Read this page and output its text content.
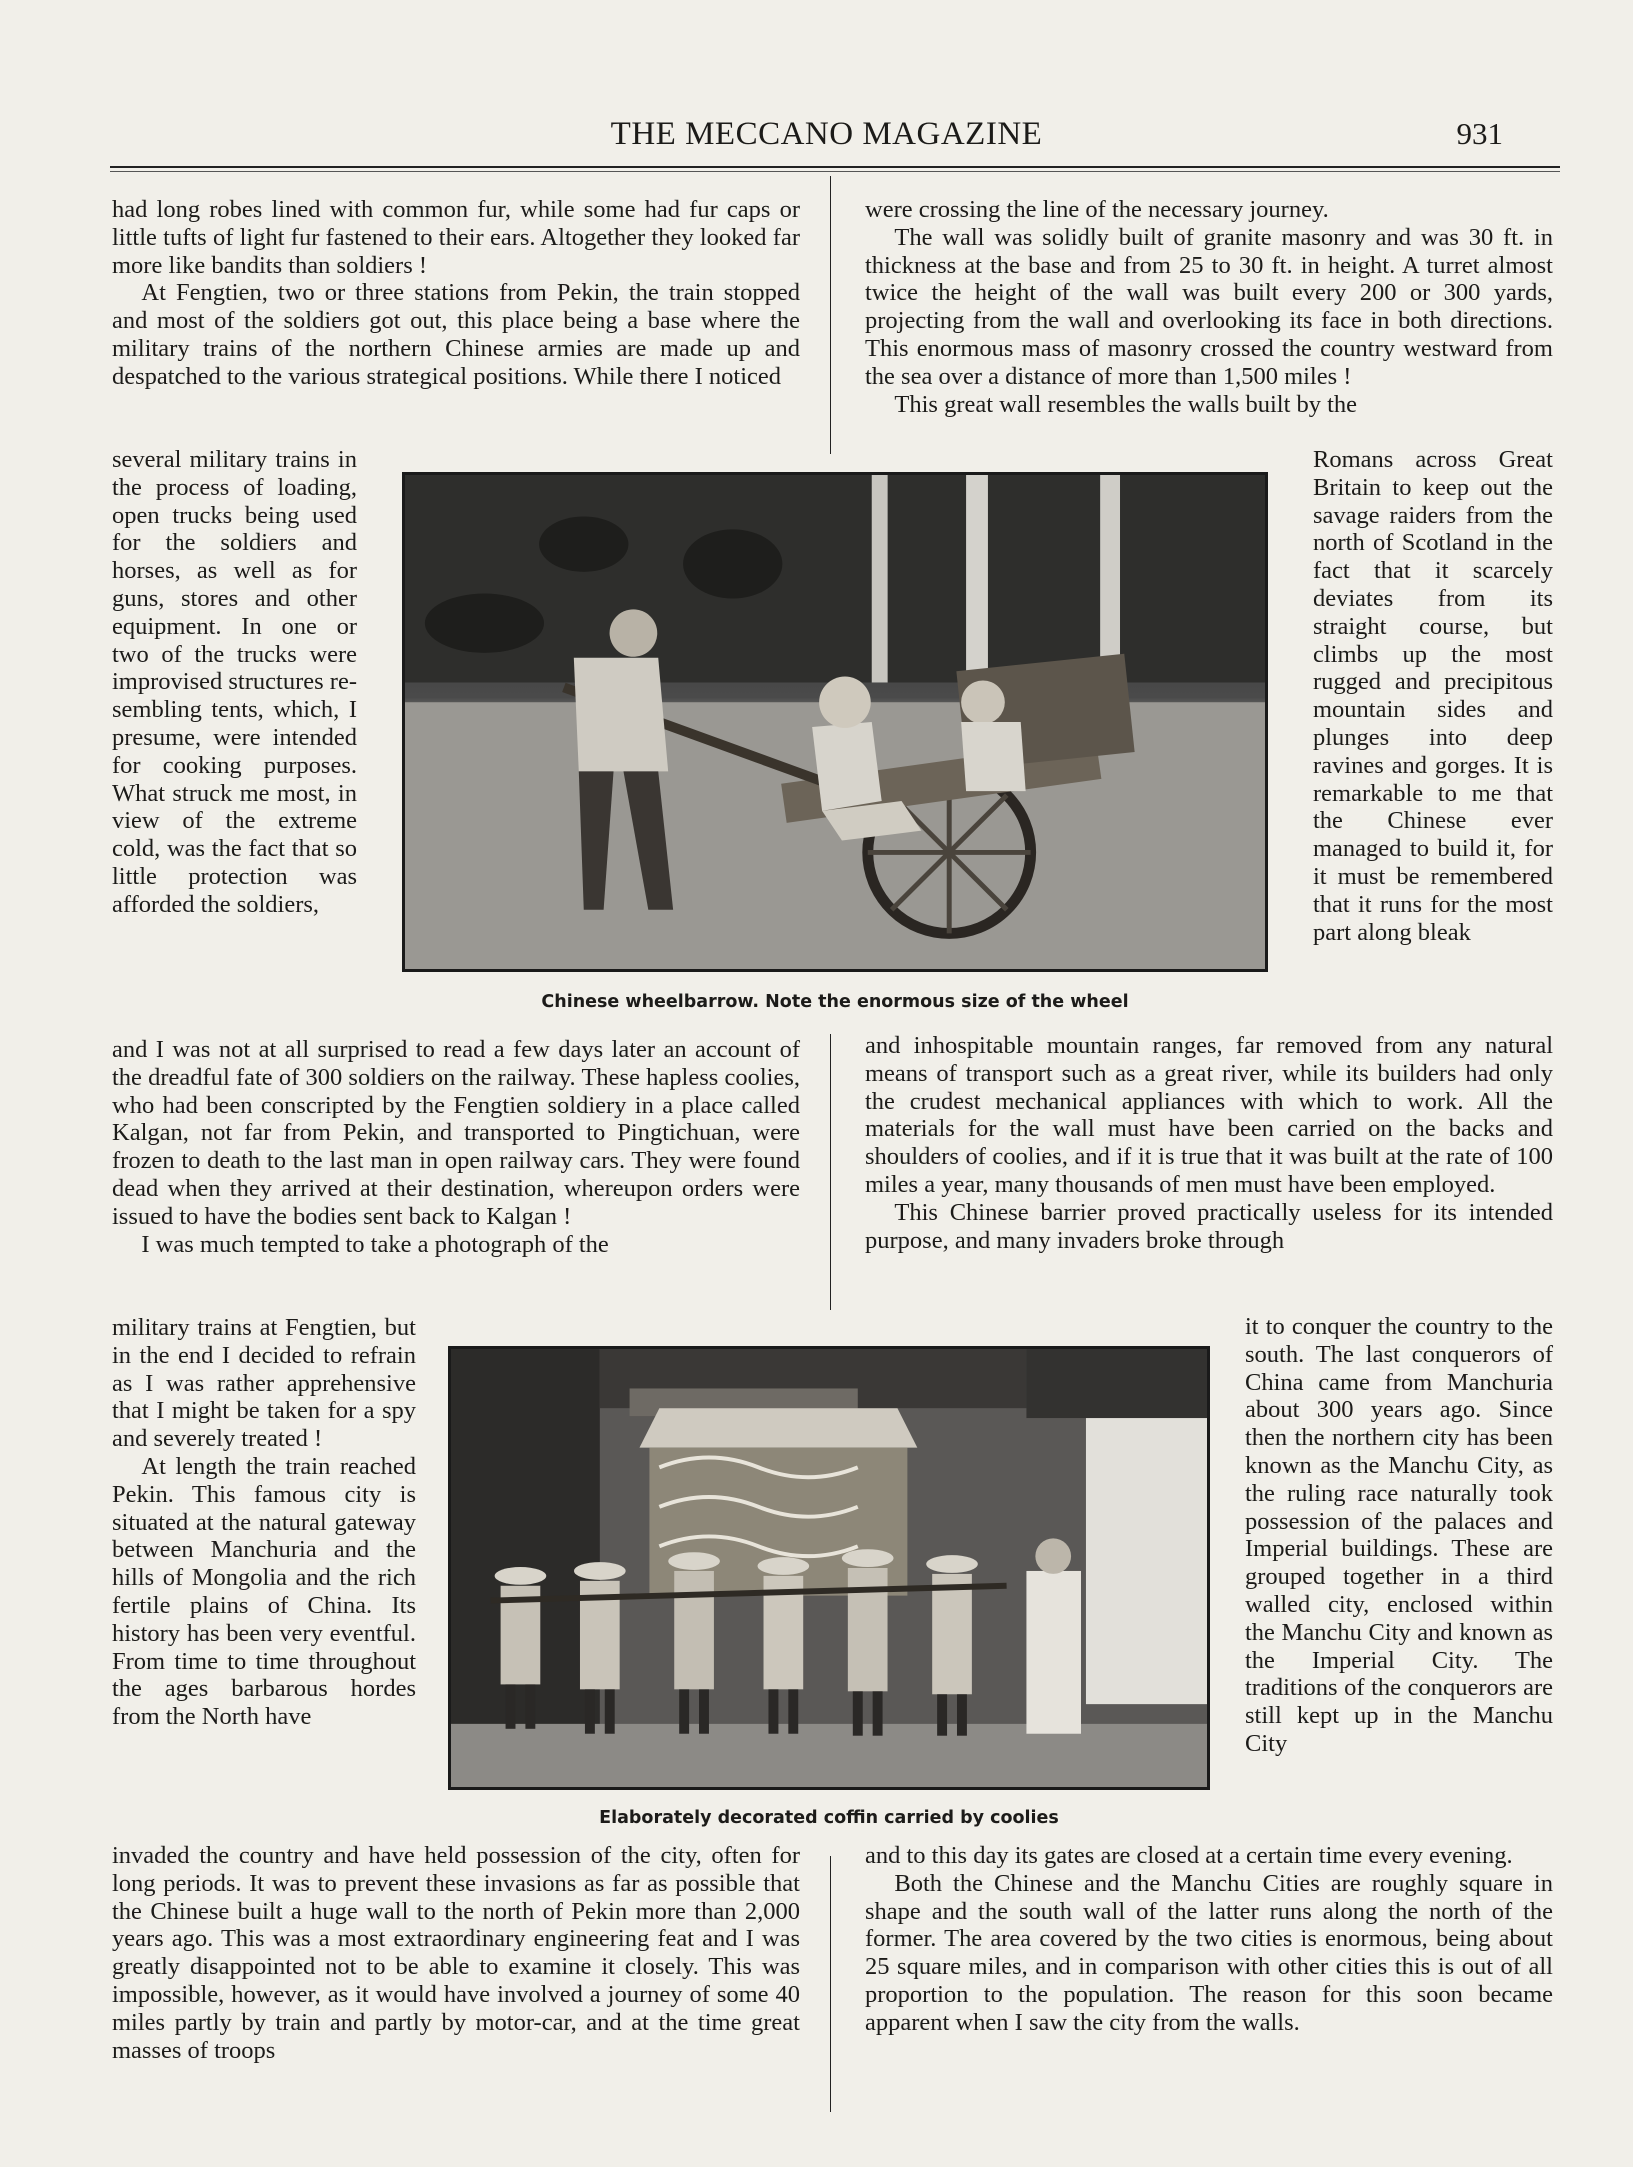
THE MECCANO MAGAZINE	931

had long robes lined with common fur, while some had fur caps or little tufts of light fur fastened to their ears. Altogether they looked far more like bandits than soldiers !

At Fengtien, two or three stations from Pekin, the train stopped and most of the soldiers got out, this place being a base where the military trains of the northern Chinese armies are made up and despatched to the various strategical positions. While there I noticed

several military trains in the process of loading, open trucks being used for the soldiers and horses, as well as for guns, stores and other equipment. In one or two of the trucks were improvised structures resembling tents, which, I presume, were intended for cooking purposes. What struck me most, in view of the extreme cold, was the fact that so little protection was afforded the soldiers,

and I was not at all surprised to read a few days later an account of the dreadful fate of 300 soldiers on the railway. These hapless coolies, who had been conscripted by the Fengtien soldiery in a place called Kalgan, not far from Pekin, and transported to Pingtichuan, were frozen to death to the last man in open railway cars. They were found dead when they arrived at their destination, whereupon orders were issued to have the bodies sent back to Kalgan !

I was much tempted to take a photograph of the

military trains at Fengtien, but in the end I decided to refrain as I was rather apprehensive that I might be taken for a spy and severely treated !

At length the train reached Pekin. This famous city is situated at the natural gateway between Manchuria and the hills of Mongolia and the rich fertile plains of China. Its history has been very eventful. From time to time throughout the ages barbarous hordes from the North have

invaded the country and have held possession of the city, often for long periods. It was to prevent these invasions as far as possible that the Chinese built a huge wall to the north of Pekin more than 2,000 years ago. This was a most extraordinary engineering feat and I was greatly disappointed not to be able to examine it closely. This was impossible, however, as it would have involved a journey of some 40 miles partly by train and partly by motor-car, and at the time great masses of troops

were crossing the line of the necessary journey.

The wall was solidly built of granite masonry and was 30 ft. in thickness at the base and from 25 to 30 ft. in height. A turret almost twice the height of the wall was built every 200 or 300 yards, projecting from the wall and overlooking its face in both directions. This enormous mass of masonry crossed the country westward from the sea over a distance of more than 1,500 miles !

This great wall resembles the walls built by the

Romans across Great Britain to keep out the savage raiders from the north of Scotland in the fact that it scarcely deviates from its straight course, but climbs up the most rugged and precipitous mountain sides and plunges into deep ravines and gorges. It is remarkable to me that the Chinese ever managed to build it, for it must be remembered that it runs for the most part along bleak

and inhospitable mountain ranges, far removed from any natural means of transport such as a great river, while its builders had only the crudest mechanical appliances with which to work. All the materials for the wall must have been carried on the backs and shoulders of coolies, and if it is true that it was built at the rate of 100 miles a year, many thousands of men must have been employed.

This Chinese barrier proved practically useless for its intended purpose, and many invaders broke through

it to conquer the country to the south. The last conquerors of China came from Manchuria about 300 years ago. Since then the northern city has been known as the Manchu City, as the ruling race naturally took possession of the palaces and Imperial buildings. These are grouped together in a third walled city, enclosed within the Manchu City and known as the Imperial City. The traditions of the conquerors are still kept up in the Manchu City

and to this day its gates are closed at a certain time every evening.

Both the Chinese and the Manchu Cities are roughly square in shape and the south wall of the latter runs along the north of the former. The area covered by the two cities is enormous, being about 25 square miles, and in comparison with other cities this is out of all proportion to the population. The reason for this soon became apparent when I saw the city from the walls.

Chinese wheelbarrow. Note the enormous size of the wheel
Elaborately decorated coffin carried by coolies
